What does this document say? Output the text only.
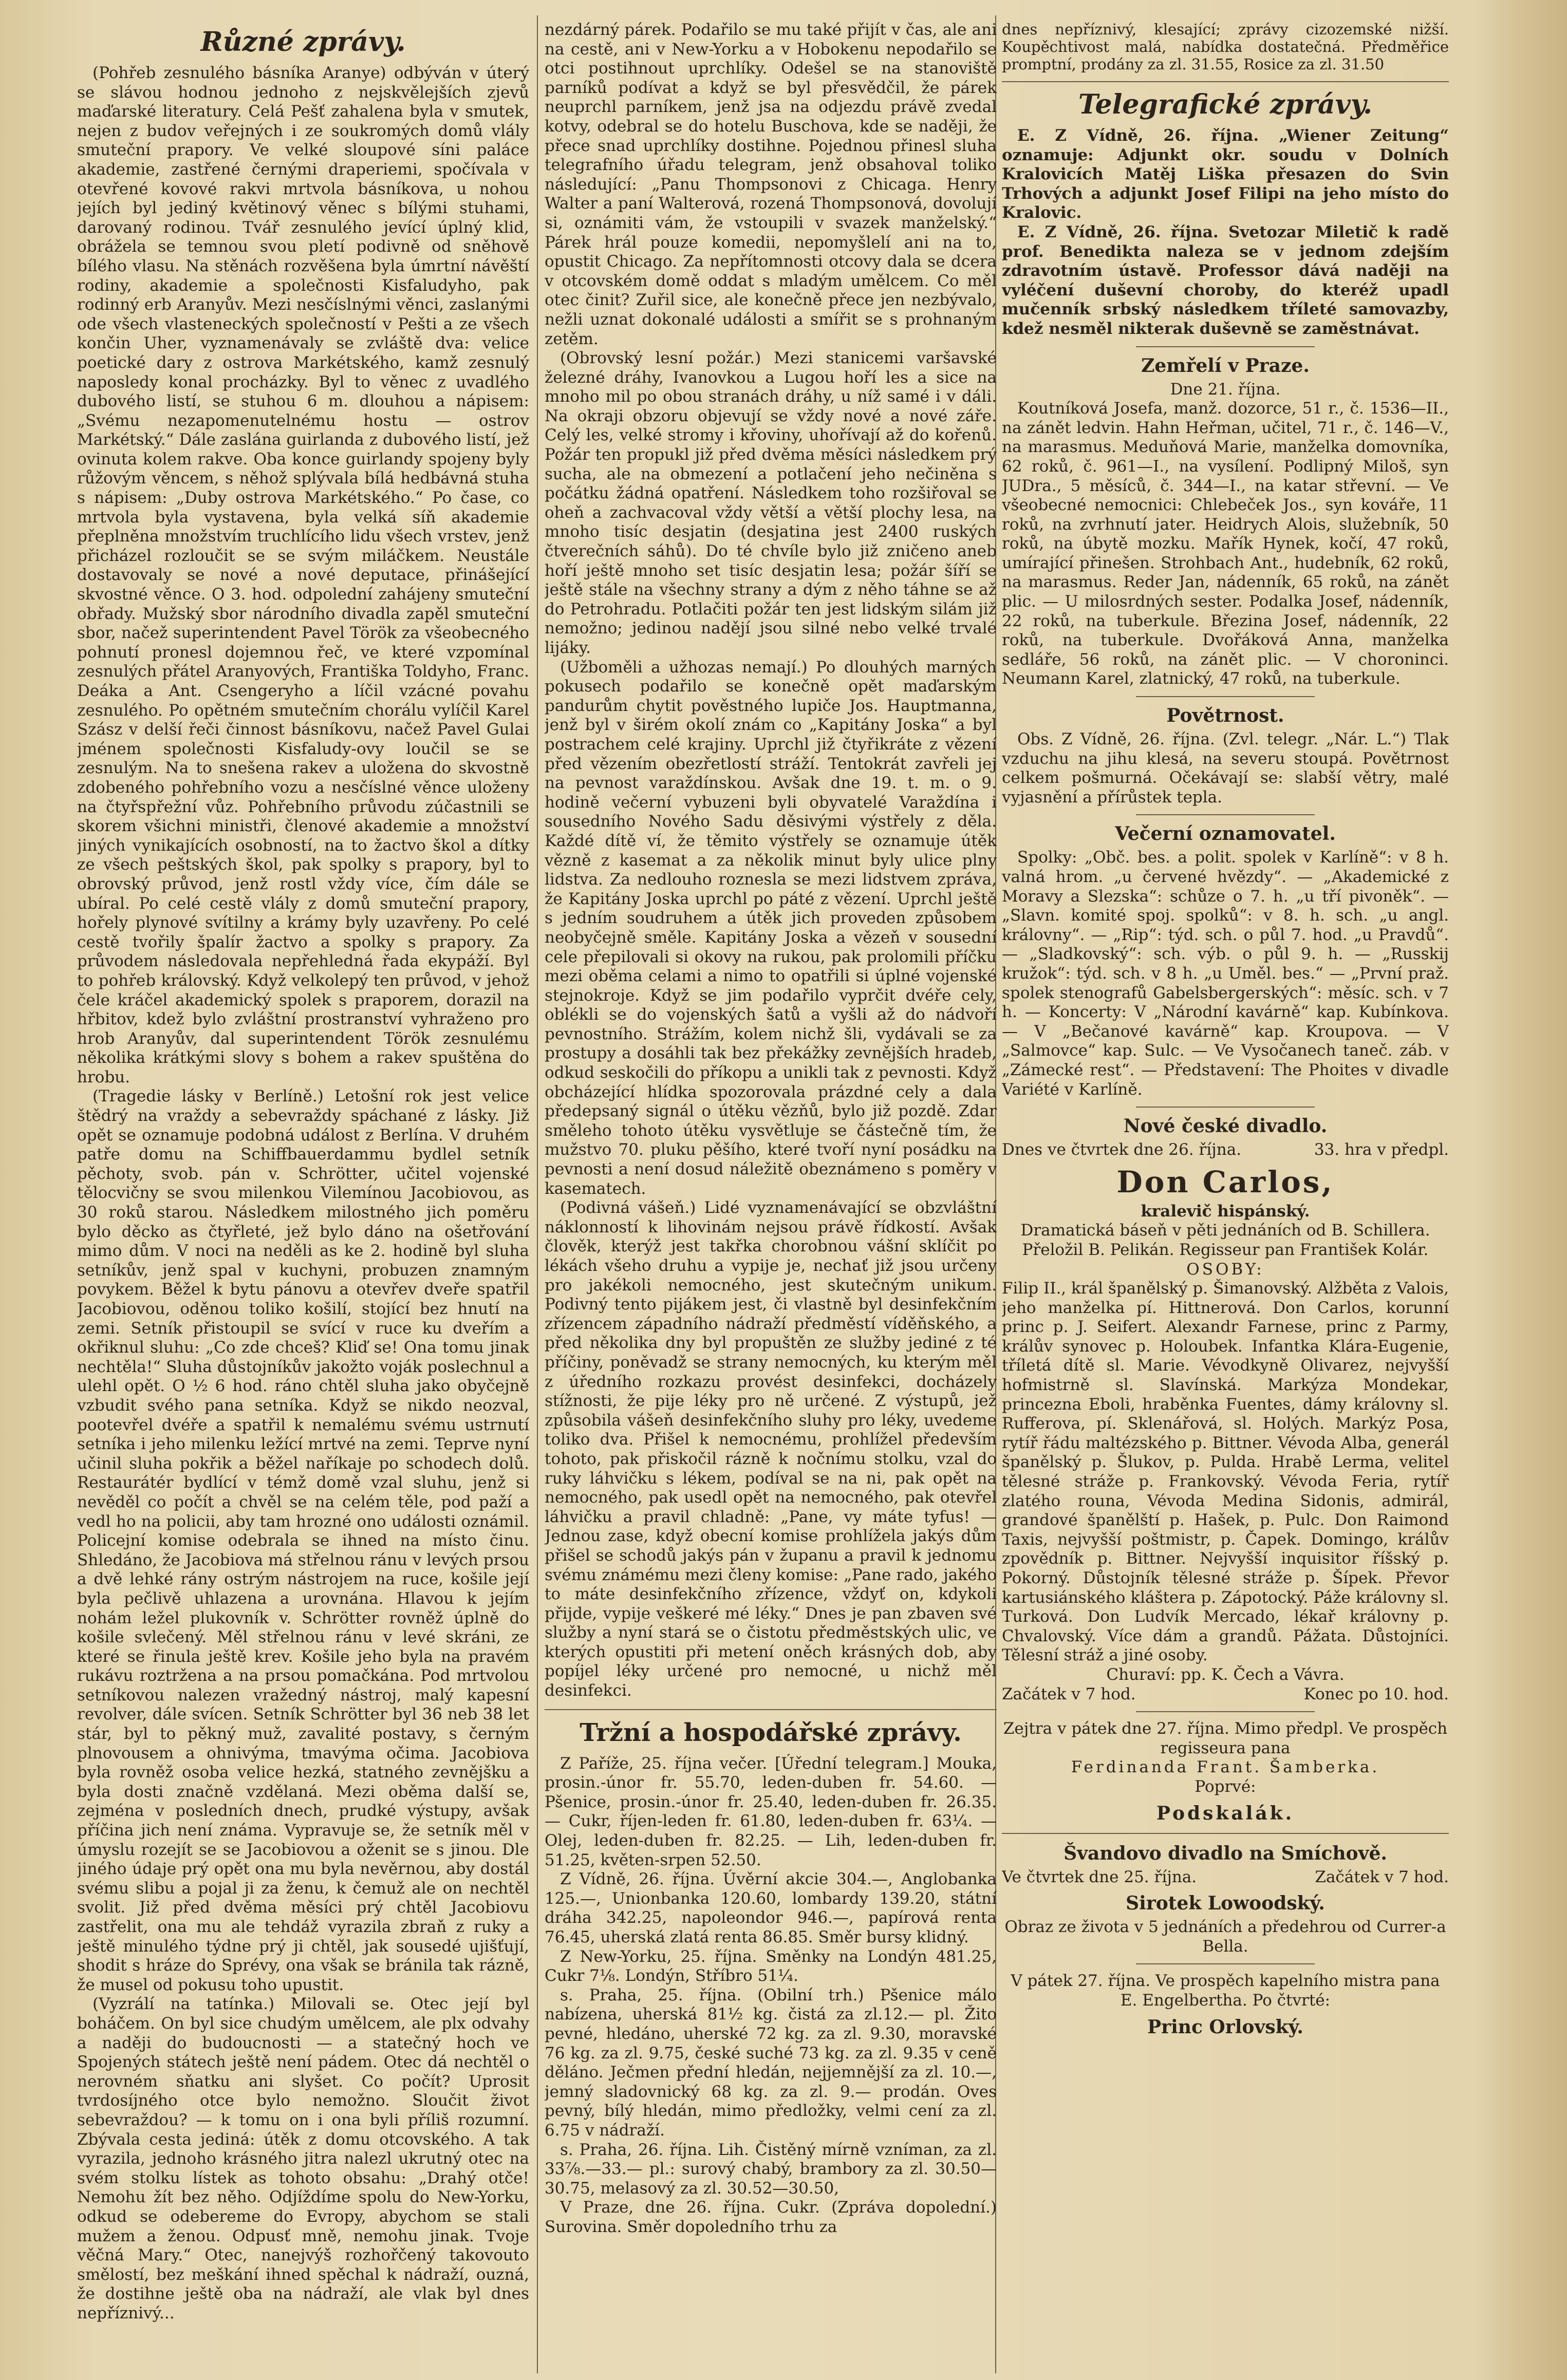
Různé zprávy.

(Pohřeb zesnulého básníka Aranye) odbýván v úterý se slávou hodnou jednoho z nejskvělejších zjevů maďarské literatury. Celá Pešť zahalena byla v smutek, nejen z budov veřejných i ze soukromých domů vlály smuteční prapory. Ve velké sloupové síni paláce akademie, zastřené černými draperiemi, spočívala v otevřené kovové rakvi mrtvola básníkova, u nohou jejích byl jediný květinový věnec s bílými stuhami, darovaný rodinou. Tvář zesnulého jevící úplný klid, obrážela se temnou svou pletí podivně od sněhově bílého vlasu. Na stěnách rozvěšena byla úmrtní návěští rodiny, akademie a společnosti Kisfaludyho, pak rodinný erb Aranyův. Mezi nesčíslnými věnci, zaslanými ode všech vlasteneckých společností v Pešti a ze všech končin Uher, vyznamenávaly se zvláště dva: velice poetické dary z ostrova Markétského, kamž zesnulý naposledy konal procházky. Byl to věnec z uvadlého dubového listí, se stuhou 6 m. dlouhou a nápisem: „Svému nezapomenutelnému hostu — ostrov Markétský.“ Dále zaslána guirlanda z dubového listí, jež ovinuta kolem rakve. Oba konce guirlandy spojeny byly růžovým věncem, s něhož splývala bílá hedbávná stuha s nápisem: „Duby ostrova Markétského.“ Po čase, co mrtvola byla vystavena, byla velká síň akademie přeplněna množstvím truchlícího lidu všech vrstev, jenž přicházel rozloučit se se svým miláčkem. Neustále dostavovaly se nové a nové deputace, přinášející skvostné věnce. O 3. hod. odpolední zahájeny smuteční obřady. Mužský sbor národního divadla zapěl smuteční sbor, načež superintendent Pavel Török za všeobecného pohnutí pronesl dojemnou řeč, ve které vzpomínal zesnulých přátel Aranyových, Františka Toldyho, Franc. Deáka a Ant. Csengeryho a líčil vzácné povahu zesnulého. Po opětném smutečním chorálu vylíčil Karel Szász v delší řeči činnost básníkovu, načež Pavel Gulai jménem společnosti Kisfaludy-ovy loučil se se zesnulým. Na to snešena rakev a uložena do skvostně zdobeného pohřebního vozu a nesčíslné věnce uloženy na čtyřspřežní vůz. Pohřebního průvodu zúčastnili se skorem všichni ministři, členové akademie a množství jiných vynikajících osobností, na to žactvo škol a dítky ze všech peštských škol, pak spolky s prapory, byl to obrovský průvod, jenž rostl vždy více, čím dále se ubíral. Po celé cestě vlály z domů smuteční prapory, hořely plynové svítilny a krámy byly uzavřeny. Po celé cestě tvořily špalír žactvo a spolky s prapory. Za průvodem následovala nepřehledná řada ekypáží. Byl to pohřeb královský. Když velkolepý ten průvod, v jehož čele kráčel akademický spolek s praporem, dorazil na hřbitov, kdež bylo zvláštní prostranství vyhraženo pro hrob Aranyův, dal superintendent Török zesnulému několika krátkými slovy s bohem a rakev spuštěna do hrobu.

(Tragedie lásky v Berlíně.) Letošní rok jest velice štědrý na vraždy a sebevraždy spáchané z lásky. Již opět se oznamuje podobná událost z Berlína. V druhém patře domu na Schiffbauerdammu bydlel setník pěchoty, svob. pán v. Schrötter, učitel vojenské tělocvičny se svou milenkou Vilemínou Jacobiovou, as 30 roků starou. Následkem milostného jich poměru bylo děcko as čtyřleté, jež bylo dáno na ošetřování mimo dům. V noci na neděli as ke 2. hodině byl sluha setníkův, jenž spal v kuchyni, probuzen znamným povykem. Běžel k bytu pánovu a otevřev dveře spatřil Jacobiovou, oděnou toliko košilí, stojící bez hnutí na zemi. Setník přistoupil se svící v ruce ku dveřím a okřiknul sluhu: „Co zde chceš? Kliď se! Ona tomu jinak nechtěla!“ Sluha důstojníkův jakožto voják poslechnul a ulehl opět. O ½ 6 hod. ráno chtěl sluha jako obyčejně vzbudit svého pana setníka. Když se nikdo neozval, pootevřel dvéře a spatřil k nemalému svému ustrnutí setníka i jeho milenku ležící mrtvé na zemi. Teprve nyní učinil sluha pokřik a běžel naříkaje po schodech dolů. Restaurátér bydlící v témž domě vzal sluhu, jenž si nevěděl co počít a chvěl se na celém těle, pod paží a vedl ho na policii, aby tam hrozné ono události oznámil. Policejní komise odebrala se ihned na místo činu. Shledáno, že Jacobiova má střelnou ránu v levých prsou a dvě lehké rány ostrým nástrojem na ruce, košile její byla pečlivě uhlazena a urovnána. Hlavou k jejím nohám ležel plukovník v. Schrötter rovněž úplně do košile svlečený. Měl střelnou ránu v levé skráni, ze které se řinula ještě krev. Košile jeho byla na pravém rukávu roztržena a na prsou pomačkána. Pod mrtvolou setníkovou nalezen vražedný nástroj, malý kapesní revolver, dále svícen. Setník Schrötter byl 36 neb 38 let stár, byl to pěkný muž, zavalité postavy, s černým plnovousem a ohnivýma, tmavýma očima. Jacobiova byla rovněž osoba velice hezká, statného zevnějšku a byla dosti značně vzdělaná. Mezi oběma další se, zejména v posledních dnech, prudké výstupy, avšak příčina jich není známa. Vypravuje se, že setník měl v úmyslu rozejít se se Jacobiovou a oženit se s jinou. Dle jiného údaje prý opět ona mu byla nevěrnou, aby dostál svému slibu a pojal ji za ženu, k čemuž ale on nechtěl svolit. Již před dvěma měsíci prý chtěl Jacobiovu zastřelit, ona mu ale tehdáž vyrazila zbraň z ruky a ještě minulého týdne prý ji chtěl, jak sousedé ujišťují, shodit s hráze do Sprévy, ona však se bránila tak rázně, že musel od pokusu toho upustit.

(Vyzrálí na tatínka.) Milovali se. Otec její byl boháčem. On byl sice chudým umělcem, ale plx odvahy a naději do budoucnosti — a statečný hoch ve Spojených státech ještě není pádem. Otec dá nechtěl o nerovném sňatku ani slyšet. Co počít? Uprosit tvrdosíjného otce bylo nemožno. Sloučit život sebevraždou? — k tomu on i ona byli příliš rozumní. Zbývala cesta jediná: útěk z domu otcovského. A tak vyrazila, jednoho krásného jitra nalezl ukrutný otec na svém stolku lístek as tohoto obsahu: „Drahý otče! Nemohu žít bez něho. Odjíždíme spolu do New-Yorku, odkud se odebereme do Evropy, abychom se stali mužem a ženou. Odpusť mně, nemohu jinak. Tvoje věčná Mary.“ Otec, nanejvýš rozhořčený takovouto smělostí, bez meškání ihned spěchal k nádraží, ouzná, že dostihne ještě oba na nádraží, ale vlak byl dnes nepříznivý...

nezdárný párek. Podařilo se mu také přijít v čas, ale ani na cestě, ani v New-Yorku a v Hobokenu nepodařilo se otci postihnout uprchlíky. Odešel se na stanoviště parníků podívat a když se byl přesvědčil, že párek neuprchl parníkem, jenž jsa na odjezdu právě zvedal kotvy, odebral se do hotelu Buschova, kde se naději, že přece snad uprchlíky dostihne. Pojednou přinesl sluha telegrafního úřadu telegram, jenž obsahoval toliko následující: „Panu Thompsonovi z Chicaga. Henry Walter a paní Walterová, rozená Thompsonová, dovolují si, oznámiti vám, že vstoupili v svazek manželský.“ Párek hrál pouze komedii, nepomyšlelí ani na to, opustit Chicago. Za nepřítomnosti otcovy dala se dcera v otcovském domě oddat s mladým umělcem. Co měl otec činit? Zuřil sice, ale konečně přece jen nezbývalo, nežli uznat dokonalé události a smířit se s prohnaným zetěm.

(Obrovský lesní požár.) Mezi stanicemi varšavské železné dráhy, Ivanovkou a Lugou hoří les a sice na mnoho mil po obou stranách dráhy, u níž samé i v dáli. Na okraji obzoru objevují se vždy nové a nové záře. Celý les, velké stromy i křoviny, uhořívají až do kořenů. Požár ten propukl již před dvěma měsíci následkem prý sucha, ale na obmezení a potlačení jeho nečiněna s počátku žádná opatření. Následkem toho rozšiřoval se oheň a zachvacoval vždy větší a větší plochy lesa, na mnoho tisíc desjatin (desjatina jest 2400 ruských čtverečních sáhů). Do té chvíle bylo již zničeno aneb hoří ještě mnoho set tisíc desjatin lesa; požár šíří se ještě stále na všechny strany a dým z něho táhne se až do Petrohradu. Potlačiti požár ten jest lidským silám již nemožno; jedinou nadějí jsou silné nebo velké trvalé lijáky.

(Užboměli a užhozas nemají.) Po dlouhých marných pokusech podařilo se konečně opět maďarským pandurům chytit pověstného lupiče Jos. Hauptmanna, jenž byl v širém okolí znám co „Kapitány Joska“ a byl postrachem celé krajiny. Uprchl již čtyřikráte z vězení před vězením obezřetlostí stráží. Tentokrát zavřeli jej na pevnost varaždínskou. Avšak dne 19. t. m. o 9. hodině večerní vybuzeni byli obyvatelé Varaždína i sousedního Nového Sadu děsivými výstřely z děla. Každé dítě ví, že těmito výstřely se oznamuje útěk vězně z kasemat a za několik minut byly ulice plny lidstva. Za nedlouho roznesla se mezi lidstvem zpráva, že Kapitány Joska uprchl po páté z vězení. Uprchl ještě s jedním soudruhem a útěk jich proveden způsobem neobyčejně směle. Kapitány Joska a vězeň v sousední cele přepilovali si okovy na rukou, pak prolomili příčku mezi oběma celami a nimo to opatřili si úplné vojenské stejnokroje. Když se jim podařilo vyprčit dvéře cely, oblékli se do vojenských šatů a vyšli až do nádvoří pevnostního. Strážím, kolem nichž šli, vydávali se za prostupy a dosáhli tak bez překážky zevnějších hradeb, odkud seskočili do příkopu a unikli tak z pevnosti. Když obcházející hlídka spozorovala prázdné cely a dala předepsaný signál o útěku vězňů, bylo již pozdě. Zdar směleho tohoto útěku vysvětluje se částečně tím, že mužstvo 70. pluku pěšího, které tvoří nyní posádku na pevnosti a není dosud náležitě obeznámeno s poměry v kasematech.

(Podivná vášeň.) Lidé vyznamenávající se obzvláštní náklonností k lihovinám nejsou právě řídkostí. Avšak člověk, kterýž jest takřka chorobnou vášní sklíčit po lékách všeho druhu a vypije je, nechať již jsou určeny pro jakékoli nemocného, jest skutečným unikum. Podivný tento pijákem jest, či vlastně byl desinfekčním zřízencem západního nádraží předměstí víděňského, a před několika dny byl propuštěn ze služby jediné z té příčiny, poněvadž se strany nemocných, ku kterým měl z úředního rozkazu provést desinfekci, docházely stížnosti, že pije léky pro ně určené. Z výstupů, jež způsobila vášeň desinfekčního sluhy pro léky, uvedeme toliko dva. Přišel k nemocnému, prohlížel především tohoto, pak přiskočil rázně k nočnímu stolku, vzal do ruky láhvičku s lékem, podíval se na ni, pak opět na nemocného, pak usedl opět na nemocného, pak otevřel láhvičku a pravil chladně: „Pane, vy máte tyfus! — Jednou zase, když obecní komise prohlížela jakýs dům přišel se schodů jakýs pán v županu a pravil k jednomu svému známému mezi členy komise: „Pane rado, jakého to máte desinfekčního zřízence, vždyť on, kdykoli přijde, vypije veškeré mé léky.“ Dnes je pan zbaven své služby a nyní stará se o čistotu předměstských ulic, ve kterých opustiti při metení oněch krásných dob, aby popíjel léky určené pro nemocné, u nichž měl desinfekci.

Tržní a hospodářské zprávy.

Z Paříže, 25. října večer. [Úřední telegram.] Mouka, prosin.-únor fr. 55.70, leden-duben fr. 54.60. — Pšenice, prosin.-únor fr. 25.40, leden-duben fr. 26.35. — Cukr, říjen-leden fr. 61.80, leden-duben fr. 63¼. — Olej, leden-duben fr. 82.25. — Lih, leden-duben fr. 51.25, květen-srpen 52.50.

Z Vídně, 26. října. Úvěrní akcie 304.—, Anglobanka 125.—, Unionbanka 120.60, lombardy 139.20, státní dráha 342.25, napoleondor 946.—, papírová renta 76.45, uherská zlatá renta 86.85. Směr bursy klidný.

Z New-Yorku, 25. října. Směnky na Londýn 481.25, Cukr 7⅛. Londýn, Stříbro 51¼.

s. Praha, 25. října. (Obilní trh.) Pšenice málo nabízena, uherská 81½ kg. čistá za zl.12.— pl. Žito pevné, hledáno, uherské 72 kg. za zl. 9.30, moravské 76 kg. za zl. 9.75, české suché 73 kg. za zl. 9.35 v ceně děláno. Ječmen přední hledán, nejjemnější za zl. 10.—, jemný sladovnický 68 kg. za zl. 9.— prodán. Oves pevný, bílý hledán, mimo předložky, velmi cení za zl. 6.75 v nádraží.

s. Praha, 26. října. Lih. Čistěný mírně vzníman, za zl. 33⅞.—33.— pl.: surový chabý, brambory za zl. 30.50—30.75, melasový za zl. 30.52—30.50,

V Praze, dne 26. října. Cukr. (Zpráva dopolední.) Surovina. Směr dopoledního trhu za

dnes nepříznivý, klesající; zprávy cizozemské nižší. Koupěchtivost malá, nabídka dostatečná. Předměřice promptní, prodány za zl. 31.55, Rosice za zl. 31.50

Telegrafické zprávy.

E. Z Vídně, 26. října. „Wiener Zeitung“ oznamuje: Adjunkt okr. soudu v Dolních Kralovicích Matěj Liška přesazen do Svin Trhových a adjunkt Josef Filipi na jeho místo do Kralovic.

E. Z Vídně, 26. října. Svetozar Miletič k radě prof. Benedikta naleza se v jednom zdejším zdravotním ústavě. Professor dává naději na vyléčení duševní choroby, do kteréž upadl mučenník srbský následkem tříleté samovazby, kdež nesměl nikterak duševně se zaměstnávat.

Zemřelí v Praze.

Dne 21. října.

Koutníková Josefa, manž. dozorce, 51 r., č. 1536—II., na zánět ledvin. Hahn Heřman, učitel, 71 r., č. 146—V., na marasmus. Meduňová Marie, manželka domovníka, 62 roků, č. 961—I., na vysílení. Podlipný Miloš, syn JUDra., 5 měsíců, č. 344—I., na katar střevní. — Ve všeobecné nemocnici: Chlebeček Jos., syn kováře, 11 roků, na zvrhnutí jater. Heidrych Alois, služebník, 50 roků, na úbytě mozku. Mařík Hynek, kočí, 47 roků, umírající přinešen. Strohbach Ant., hudebník, 62 roků, na marasmus. Reder Jan, nádenník, 65 roků, na zánět plic. — U milosrdných sester. Podalka Josef, nádenník, 22 roků, na tuberkule. Březina Josef, nádenník, 22 roků, na tuberkule. Dvořáková Anna, manželka sedláře, 56 roků, na zánět plic. — V choroninci. Neumann Karel, zlatnický, 47 roků, na tuberkule.

Povětrnost.

Obs. Z Vídně, 26. října. (Zvl. telegr. „Nár. L.“) Tlak vzduchu na jihu klesá, na severu stoupá. Povětrnost celkem pošmurná. Očekávají se: slabší větry, malé vyjasnění a přírůstek tepla.

Večerní oznamovatel.

Spolky: „Obč. bes. a polit. spolek v Karlíně“: v 8 h. valná hrom. „u červené hvězdy“. — „Akademické z Moravy a Slezska“: schůze o 7. h. „u tří pivoněk“. — „Slavn. komité spoj. spolků“: v 8. h. sch. „u angl. královny“. — „Rip“: týd. sch. o půl 7. hod. „u Pravdů“. — „Sladkovský“: sch. výb. o půl 9. h. — „Russkij kružok“: týd. sch. v 8 h. „u Uměl. bes.“ — „První praž. spolek stenografů Gabelsbergerských“: měsíc. sch. v 7 h. — Koncerty: V „Národní kavárně“ kap. Kubínkova. — V „Bečanové kavárně“ kap. Kroupova. — V „Salmovce“ kap. Sulc. — Ve Vysočanech taneč. záb. v „Zámecké rest“. — Představení: The Phoites v divadle Variété v Karlíně.

Nové české divadlo.
Dnes ve čtvrtek dne 26. října.	33. hra v předpl.
Don Carlos,

kralevič hispánský.

Dramatická báseň v pěti jednáních od B. Schillera. Přeložil B. Pelikán. Regisseur pan František Kolár.

OSOBY:

Filip II., král španělský p. Šimanovský. Alžběta z Valois, jeho manželka pí. Hittnerová. Don Carlos, korunní princ p. J. Seifert. Alexandr Farnese, princ z Parmy, králův synovec p. Holoubek. Infantka Klára-Eugenie, tříletá dítě sl. Marie. Vévodkyně Olivarez, nejvyšší hofmistrně sl. Slavínská. Markýza Mondekar, princezna Eboli, hraběnka Fuentes, dámy královny sl. Rufferova, pí. Sklenářová, sl. Holých. Markýz Posa, rytíř řádu maltézského p. Bittner. Vévoda Alba, generál španělský p. Šlukov, p. Pulda. Hrabě Lerma, velitel tělesné stráže p. Frankovský. Vévoda Feria, rytíř zlatého rouna, Vévoda Medina Sidonis, admirál, grandové španělští p. Hašek, p. Pulc. Don Raimond Taxis, nejvyšší poštmistr, p. Čapek. Domingo, králův zpovědník p. Bittner. Nejvyšší inquisitor říšský p. Pokorný. Důstojník tělesné stráže p. Šípek. Převor kartusiánského kláštera p. Zápotocký. Páže královny sl. Turková. Don Ludvík Mercado, lékař královny p. Chvalovský. Více dám a grandů. Pážata. Důstojníci. Tělesní stráž a jiné osoby.

Churaví: pp. K. Čech a Vávra.

Začátek v 7 hod.	Konec po 10. hod.

Zejtra v pátek dne 27. října. Mimo předpl. Ve prospěch regisseura pana

Ferdinanda Frant. Šamberka.

Poprvé:

Podskalák.
Švandovo divadlo na Smíchově.
Ve čtvrtek dne 25. října.	Začátek v 7 hod.
Sirotek Lowoodský.

Obraz ze života v 5 jednáních a předehrou od Currer-a Bella.

V pátek 27. října. Ve prospěch kapelního mistra pana E. Engelbertha. Po čtvrté:

Princ Orlovský.
